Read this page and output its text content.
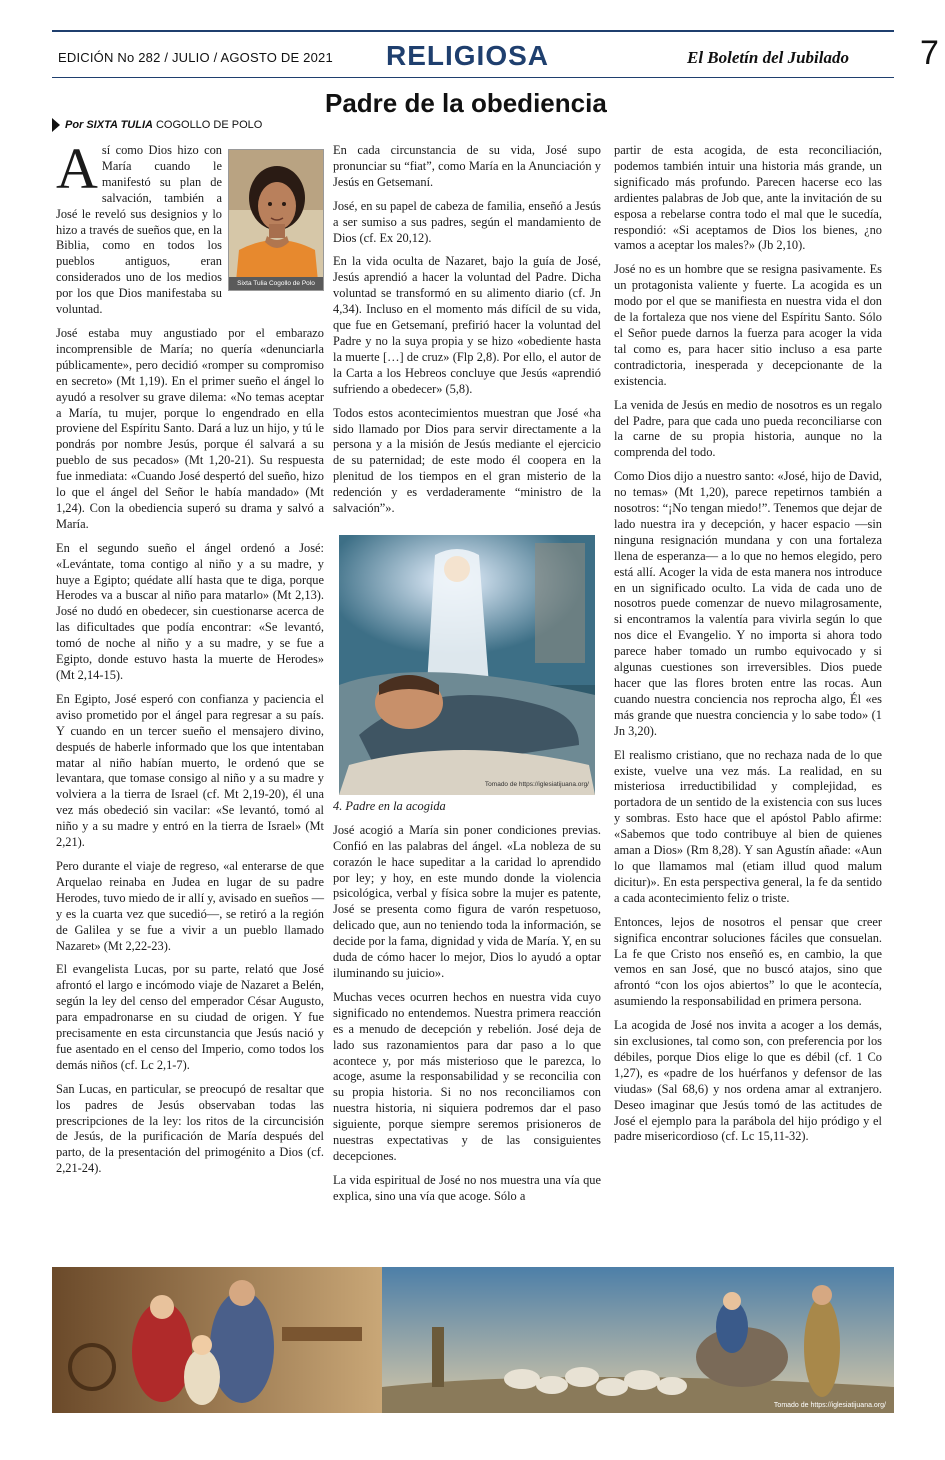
EDICIÓN No 282 / JULIO / AGOSTO DE 2021 RELIGIOSA	El Boletín del Jubilado 7
Padre de la obediencia
Por SIXTA TULIA COGOLLO DE POLO

A
Sixta Tulia Cogollo de Polo
sí como Dios hizo con María cuando le manifestó su plan de salvación, también a José le reveló sus designios y lo hizo a través de sueños que, en la Biblia, como en todos los pueblos antiguos, eran considerados uno de los medios por los que Dios manifestaba su voluntad.

José estaba muy angustiado por el embarazo incomprensible de María; no quería «denunciarla públicamente», pero decidió «romper su compromiso en secreto» (Mt 1,19). En el primer sueño el ángel lo ayudó a resolver su grave dilema: «No temas aceptar a María, tu mujer, porque lo engendrado en ella proviene del Espíritu Santo. Dará a luz un hijo, y tú le pondrás por nombre Jesús, porque él salvará a su pueblo de sus pecados» (Mt 1,20-21). Su respuesta fue inmediata: «Cuando José despertó del sueño, hizo lo que el ángel del Señor le había mandado» (Mt 1,24). Con la obediencia superó su drama y salvó a María.

En el segundo sueño el ángel ordenó a José: «Levántate, toma contigo al niño y a su madre, y huye a Egipto; quédate allí hasta que te diga, porque Herodes va a buscar al niño para matarlo» (Mt 2,13). José no dudó en obedecer, sin cuestionarse acerca de las dificultades que podía encontrar: «Se levantó, tomó de noche al niño y a su madre, y se fue a Egipto, donde estuvo hasta la muerte de Herodes» (Mt 2,14-15).

En Egipto, José esperó con confianza y paciencia el aviso prometido por el ángel para regresar a su país. Y cuando en un tercer sueño el mensajero divino, después de haberle informado que los que intentaban matar al niño habían muerto, le ordenó que se levantara, que tomase consigo al niño y a su madre y volviera a la tierra de Israel (cf. Mt 2,19-20), él una vez más obedeció sin vacilar: «Se levantó, tomó al niño y a su madre y entró en la tierra de Israel» (Mt 2,21).

Pero durante el viaje de regreso, «al enterarse de que Arquelao reinaba en Judea en lugar de su padre Herodes, tuvo miedo de ir allí y, avisado en sueños —y es la cuarta vez que sucedió—, se retiró a la región de Galilea y se fue a vivir a un pueblo llamado Nazaret» (Mt 2,22-23).

El evangelista Lucas, por su parte, relató que José afrontó el largo e incómodo viaje de Nazaret a Belén, según la ley del censo del emperador César Augusto, para empadronarse en su ciudad de origen. Y fue precisamente en esta circunstancia que Jesús nació y fue asentado en el censo del Imperio, como todos los demás niños (cf. Lc 2,1-7).

San Lucas, en particular, se preocupó de resaltar que los padres de Jesús observaban todas las prescripciones de la ley: los ritos de la circuncisión de Jesús, de la purificación de María después del parto, de la presentación del primogénito a Dios (cf. 2,21-24).

En cada circunstancia de su vida, José supo pronunciar su “fiat”, como María en la Anunciación y Jesús en Getsemaní.

José, en su papel de cabeza de familia, enseñó a Jesús a ser sumiso a sus padres, según el mandamiento de Dios (cf. Ex 20,12).

En la vida oculta de Nazaret, bajo la guía de José, Jesús aprendió a hacer la voluntad del Padre. Dicha voluntad se transformó en su alimento diario (cf. Jn 4,34). Incluso en el momento más difícil de su vida, que fue en Getsemaní, prefirió hacer la voluntad del Padre y no la suya propia y se hizo «obediente hasta la muerte […] de cruz» (Flp 2,8). Por ello, el autor de la Carta a los Hebreos concluye que Jesús «aprendió sufriendo a obedecer» (5,8).

Todos estos acontecimientos muestran que José «ha sido llamado por Dios para servir directamente a la persona y a la misión de Jesús mediante el ejercicio de su paternidad; de este modo él coopera en la plenitud de los tiempos en el gran misterio de la redención y es verdaderamente “ministro de la salvación”».

Tomado de https://iglesiatijuana.org/

4. Padre en la acogida

José acogió a María sin poner condiciones previas. Confió en las palabras del ángel. «La nobleza de su corazón le hace supeditar a la caridad lo aprendido por ley; y hoy, en este mundo donde la violencia psicológica, verbal y física sobre la mujer es patente, José se presenta como figura de varón respetuoso, delicado que, aun no teniendo toda la información, se decide por la fama, dignidad y vida de María. Y, en su duda de cómo hacer lo mejor, Dios lo ayudó a optar iluminando su juicio».

Muchas veces ocurren hechos en nuestra vida cuyo significado no entendemos. Nuestra primera reacción es a menudo de decepción y rebelión. José deja de lado sus razonamientos para dar paso a lo que acontece y, por más misterioso que le parezca, lo acoge, asume la responsabilidad y se reconcilia con su propia historia. Si no nos reconciliamos con nuestra historia, ni siquiera podremos dar el paso siguiente, porque siempre seremos prisioneros de nuestras expectativas y de las consiguientes decepciones.

La vida espiritual de José no nos muestra una vía que explica, sino una vía que acoge. Sólo a

partir de esta acogida, de esta reconciliación, podemos también intuir una historia más grande, un significado más profundo. Parecen hacerse eco las ardientes palabras de Job que, ante la invitación de su esposa a rebelarse contra todo el mal que le sucedía, respondió: «Si aceptamos de Dios los bienes, ¿no vamos a aceptar los males?» (Jb 2,10).

José no es un hombre que se resigna pasivamente. Es un protagonista valiente y fuerte. La acogida es un modo por el que se manifiesta en nuestra vida el don de la fortaleza que nos viene del Espíritu Santo. Sólo el Señor puede darnos la fuerza para acoger la vida tal como es, para hacer sitio incluso a esa parte contradictoria, inesperada y decepcionante de la existencia.

La venida de Jesús en medio de nosotros es un regalo del Padre, para que cada uno pueda reconciliarse con la carne de su propia historia, aunque no la comprenda del todo.

Como Dios dijo a nuestro santo: «José, hijo de David, no temas» (Mt 1,20), parece repetirnos también a nosotros: “¡No tengan miedo!”. Tenemos que dejar de lado nuestra ira y decepción, y hacer espacio —sin ninguna resignación mundana y con una fortaleza llena de esperanza— a lo que no hemos elegido, pero está allí. Acoger la vida de esta manera nos introduce en un significado oculto. La vida de cada uno de nosotros puede comenzar de nuevo milagrosamente, si encontramos la valentía para vivirla según lo que nos dice el Evangelio. Y no importa si ahora todo parece haber tomado un rumbo equivocado y si algunas cuestiones son irreversibles. Dios puede hacer que las flores broten entre las rocas. Aun cuando nuestra conciencia nos reprocha algo, Él «es más grande que nuestra conciencia y lo sabe todo» (1 Jn 3,20).

El realismo cristiano, que no rechaza nada de lo que existe, vuelve una vez más. La realidad, en su misteriosa irreductibilidad y complejidad, es portadora de un sentido de la existencia con sus luces y sombras. Esto hace que el apóstol Pablo afirme: «Sabemos que todo contribuye al bien de quienes aman a Dios» (Rm 8,28). Y san Agustín añade: «Aun lo que llamamos mal (etiam illud quod malum dicitur)». En esta perspectiva general, la fe da sentido a cada acontecimiento feliz o triste.

Entonces, lejos de nosotros el pensar que creer significa encontrar soluciones fáciles que consuelan. La fe que Cristo nos enseñó es, en cambio, la que vemos en san José, que no buscó atajos, sino que afrontó “con los ojos abiertos” lo que le acontecía, asumiendo la responsabilidad en primera persona.

La acogida de José nos invita a acoger a los demás, sin exclusiones, tal como son, con preferencia por los débiles, porque Dios elige lo que es débil (cf. 1 Co 1,27), es «padre de los huérfanos y defensor de las viudas» (Sal 68,6) y nos ordena amar al extranjero. Deseo imaginar que Jesús tomó de las actitudes de José el ejemplo para la parábola del hijo pródigo y el padre misericordioso (cf. Lc 15,11-32).

Tomado de https://iglesiatijuana.org/
